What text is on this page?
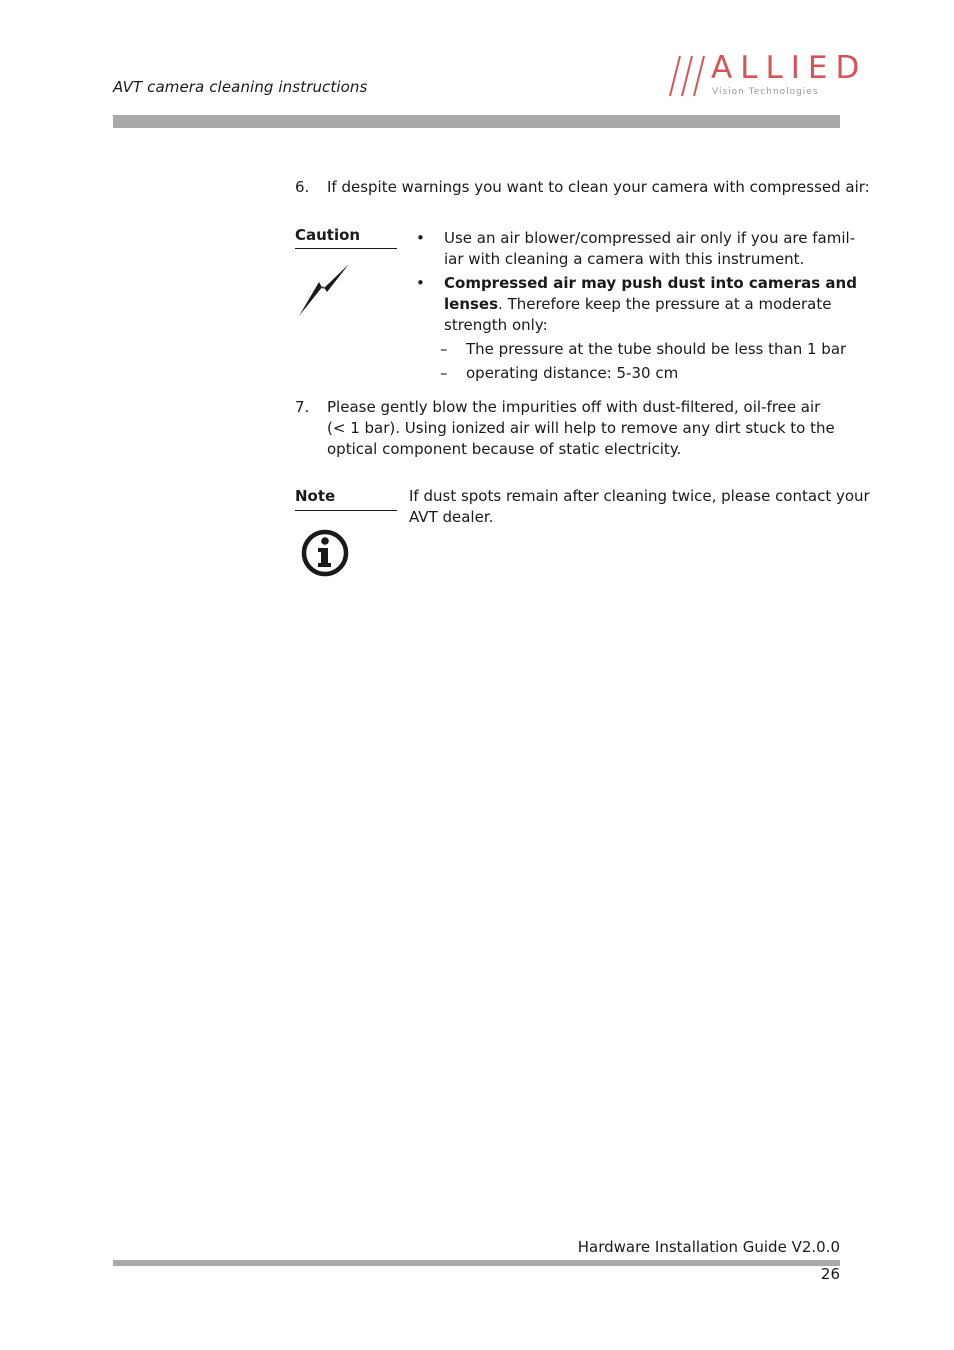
AVT camera cleaning instructions
ALLIED
Vision Technologies
6.	If despite warnings you want to clean your camera with compressed air:
Caution	• Use an air blower/compressed air only if you are famil-
iar with cleaning a camera with this instrument.
• Compressed air may push dust into cameras and
lenses. Therefore keep the pressure at a moderate
strength only:
–	The pressure at the tube should be less than 1 bar
–	operating distance: 5-30 cm
7.	Please gently blow the impurities off with dust-filtered, oil-free air
(< 1 bar). Using ionized air will help to remove any dirt stuck to the
optical component because of static electricity.
Note	If dust spots remain after cleaning twice, please contact your
AVT dealer.
Hardware Installation Guide V2.0.0
26
